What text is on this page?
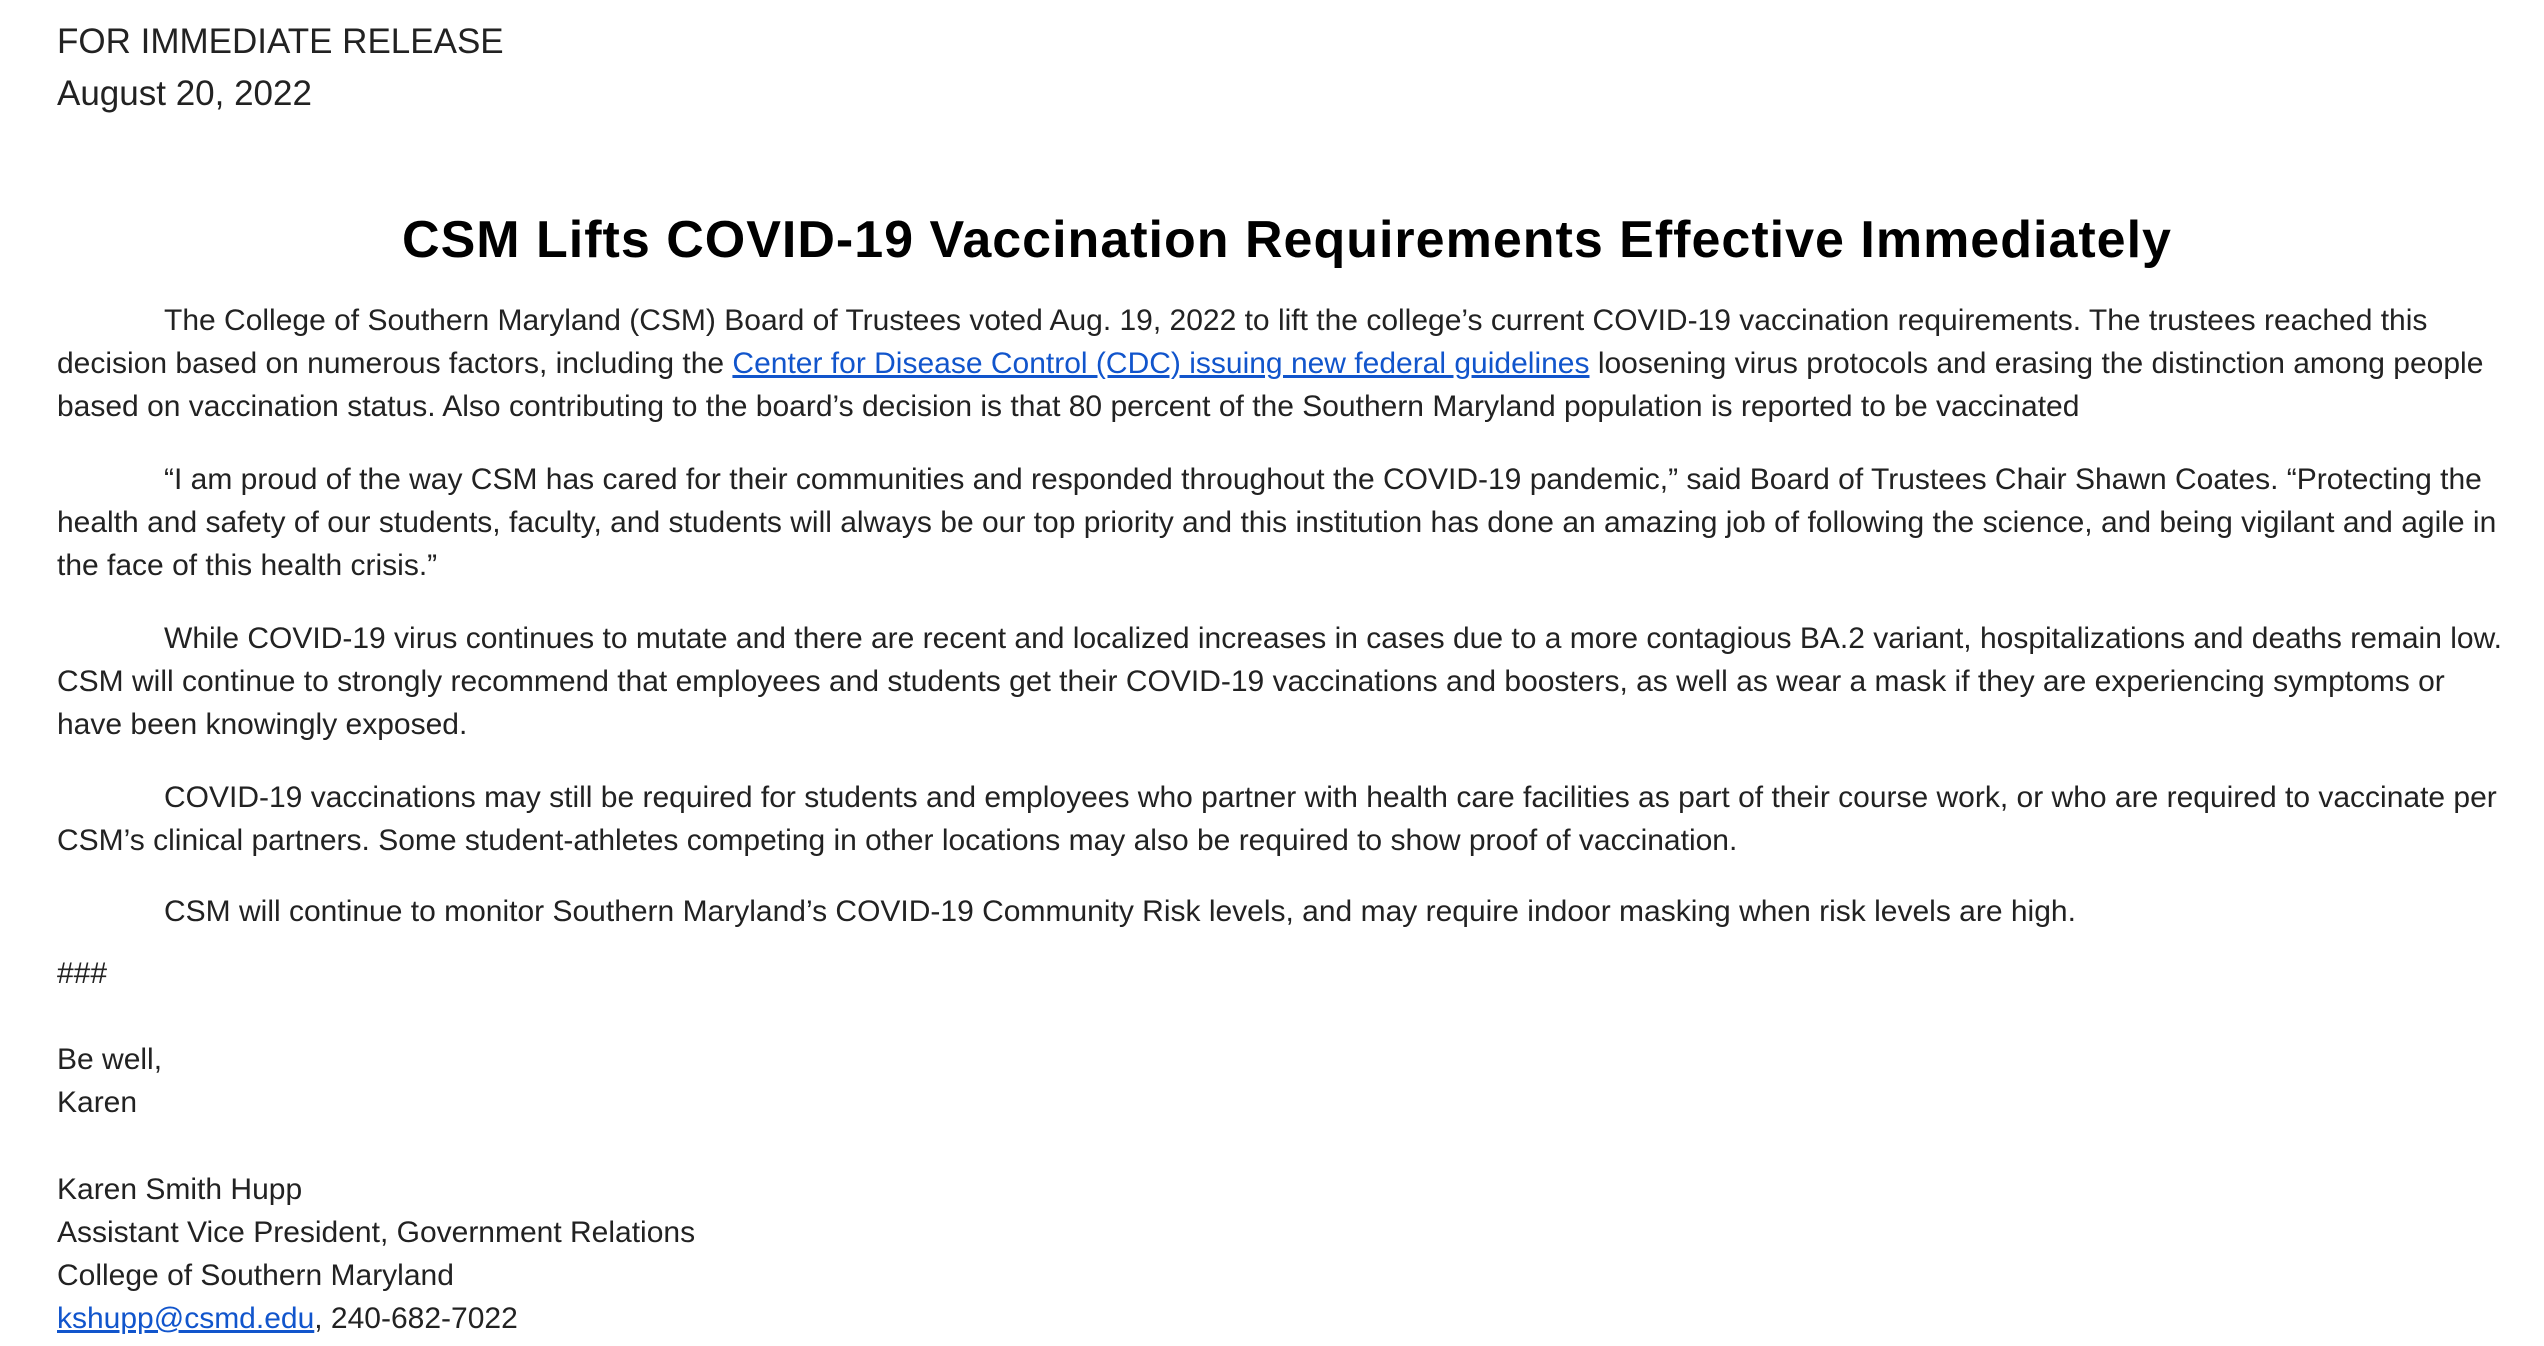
FOR IMMEDIATE RELEASE
August 20, 2022
CSM Lifts COVID-19 Vaccination Requirements Effective Immediately

The College of Southern Maryland (CSM) Board of Trustees voted Aug. 19, 2022 to lift the college’s current COVID-19 vaccination requirements. The trustees reached this decision based on numerous factors, including the Center for Disease Control (CDC) issuing new federal guidelines loosening virus protocols and erasing the distinction among people based on vaccination status. Also contributing to the board’s decision is that 80 percent of the Southern Maryland population is reported to be vaccinated

“I am proud of the way CSM has cared for their communities and responded throughout the COVID-19 pandemic,” said Board of Trustees Chair Shawn Coates. “Protecting the health and safety of our students, faculty, and students will always be our top priority and this institution has done an amazing job of following the science, and being vigilant and agile in the face of this health crisis.”

While COVID-19 virus continues to mutate and there are recent and localized increases in cases due to a more contagious BA.2 variant, hospitalizations and deaths remain low. CSM will continue to strongly recommend that employees and students get their COVID-19 vaccinations and boosters, as well as wear a mask if they are experiencing symptoms or have been knowingly exposed.

COVID-19 vaccinations may still be required for students and employees who partner with health care facilities as part of their course work, or who are required to vaccinate per CSM’s clinical partners. Some student-athletes competing in other locations may also be required to show proof of vaccination.

CSM will continue to monitor Southern Maryland’s COVID-19 Community Risk levels, and may require indoor masking when risk levels are high.

###
Be well,
Karen
Karen Smith Hupp
Assistant Vice President, Government Relations
College of Southern Maryland
kshupp@csmd.edu, 240-682-7022
